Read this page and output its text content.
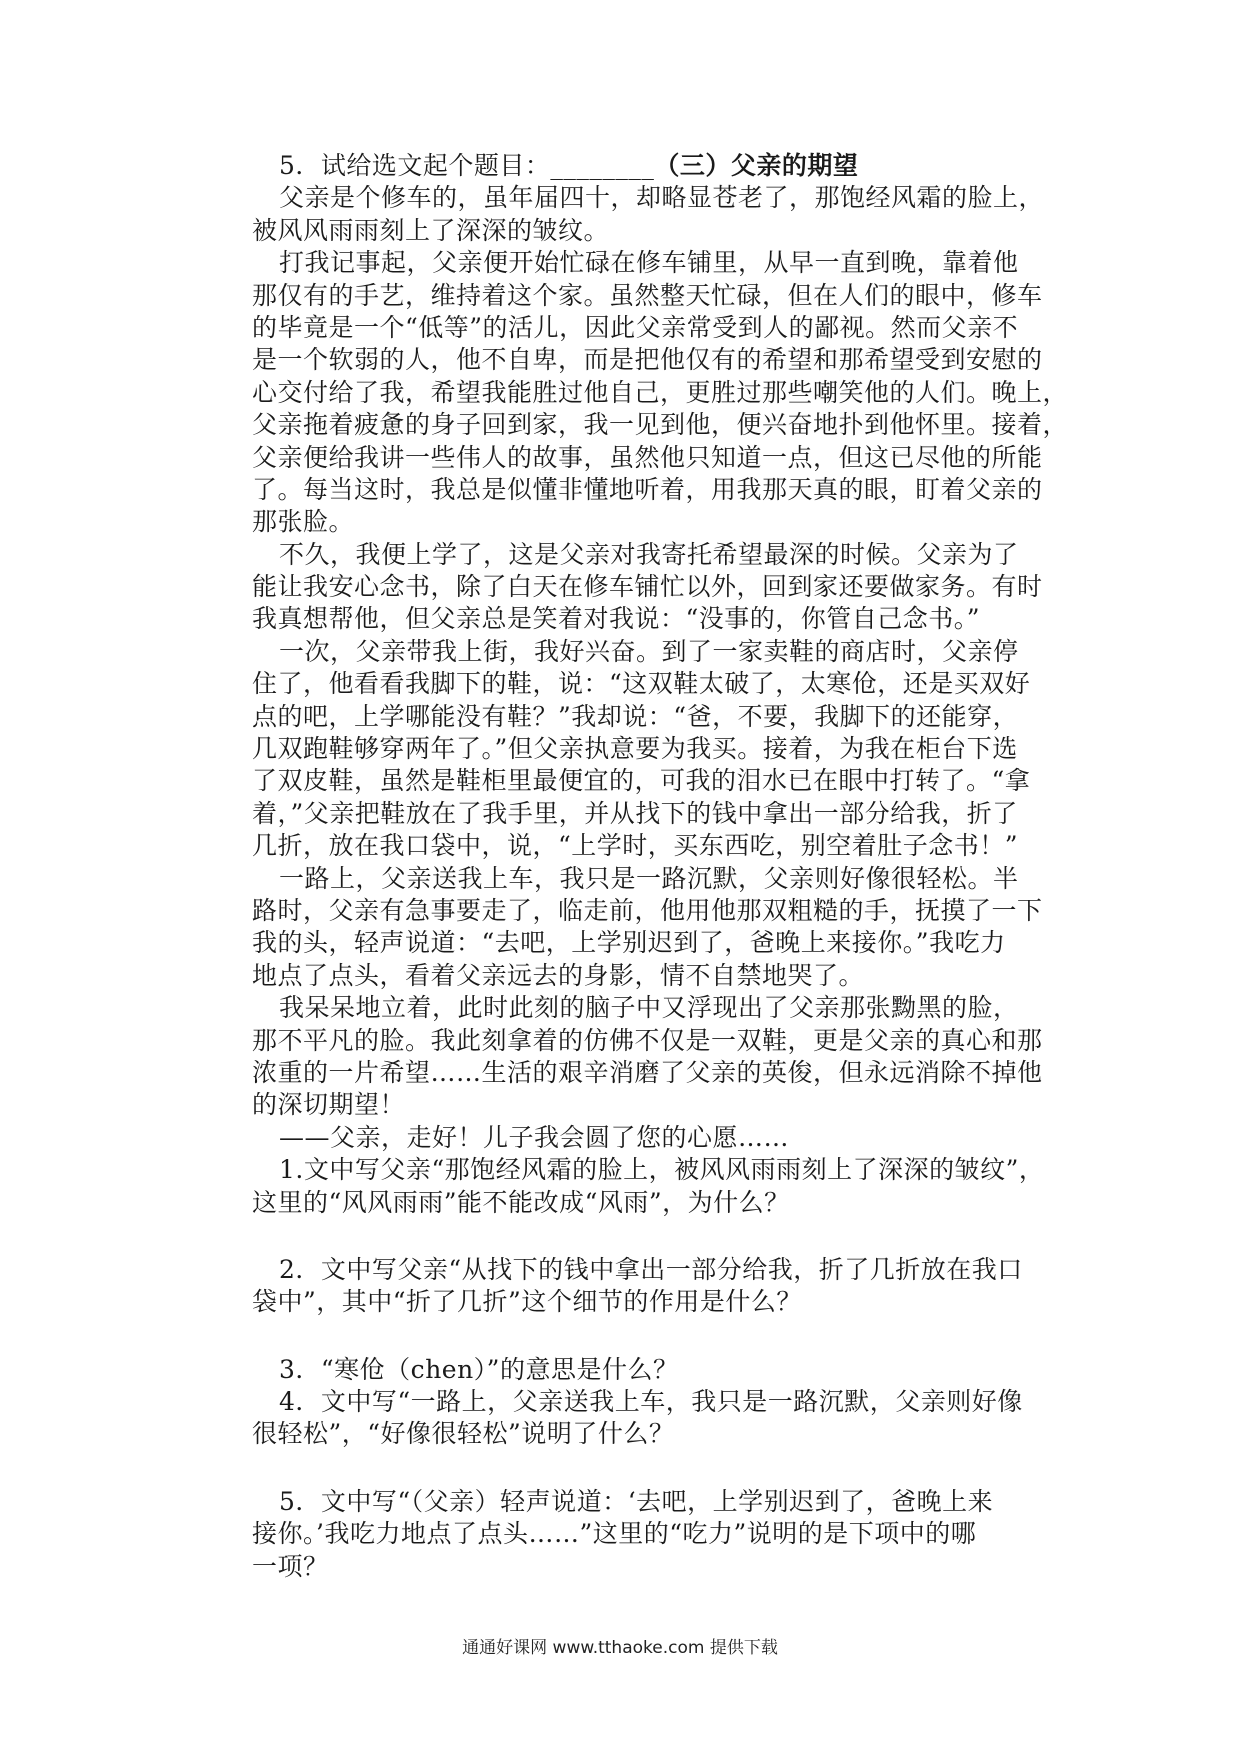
5．试给选文起个题目：________（三）父亲的期望
父亲是个修车的，虽年届四十，却略显苍老了，那饱经风霜的脸上，
被风风雨雨刻上了深深的皱纹。
打我记事起，父亲便开始忙碌在修车铺里，从早一直到晚，靠着他
那仅有的手艺，维持着这个家。虽然整天忙碌，但在人们的眼中，修车
的毕竟是一个“低等”的活儿，因此父亲常受到人的鄙视。然而父亲不
是一个软弱的人，他不自卑，而是把他仅有的希望和那希望受到安慰的
心交付给了我，希望我能胜过他自己，更胜过那些嘲笑他的人们。晚上，
父亲拖着疲惫的身子回到家，我一见到他，便兴奋地扑到他怀里。接着，
父亲便给我讲一些伟人的故事，虽然他只知道一点，但这已尽他的所能
了。每当这时，我总是似懂非懂地听着，用我那天真的眼，盯着父亲的
那张脸。
不久，我便上学了，这是父亲对我寄托希望最深的时候。父亲为了
能让我安心念书，除了白天在修车铺忙以外，回到家还要做家务。有时
我真想帮他，但父亲总是笑着对我说：“没事的，你管自己念书。”
一次，父亲带我上街，我好兴奋。到了一家卖鞋的商店时，父亲停
住了，他看看我脚下的鞋，说：“这双鞋太破了，太寒伧，还是买双好
点的吧，上学哪能没有鞋？”我却说：“爸，不要，我脚下的还能穿，
几双跑鞋够穿两年了。”但父亲执意要为我买。接着，为我在柜台下选
了双皮鞋，虽然是鞋柜里最便宜的，可我的泪水已在眼中打转了。“拿
着，”父亲把鞋放在了我手里，并从找下的钱中拿出一部分给我，折了
几折，放在我口袋中，说，“上学时，买东西吃，别空着肚子念书！”
一路上，父亲送我上车，我只是一路沉默，父亲则好像很轻松。半
路时，父亲有急事要走了，临走前，他用他那双粗糙的手，抚摸了一下
我的头，轻声说道：“去吧，上学别迟到了，爸晚上来接你。”我吃力
地点了点头，看着父亲远去的身影，情不自禁地哭了。
我呆呆地立着，此时此刻的脑子中又浮现出了父亲那张黝黑的脸，
那不平凡的脸。我此刻拿着的仿佛不仅是一双鞋，更是父亲的真心和那
浓重的一片希望……生活的艰辛消磨了父亲的英俊，但永远消除不掉他
的深切期望！
——父亲，走好！儿子我会圆了您的心愿……
1.文中写父亲“那饱经风霜的脸上，被风风雨雨刻上了深深的皱纹”，
这里的“风风雨雨”能不能改成“风雨”，为什么？
2．文中写父亲“从找下的钱中拿出一部分给我，折了几折放在我口
袋中”，其中“折了几折”这个细节的作用是什么？
3．“寒伧（chen）”的意思是什么？
4．文中写“一路上，父亲送我上车，我只是一路沉默，父亲则好像
很轻松”，“好像很轻松”说明了什么？
5．文中写“（父亲）轻声说道：‘去吧，上学别迟到了，爸晚上来
接你。’我吃力地点了点头……”这里的“吃力”说明的是下项中的哪
一项？
通通好课网 www.tthaoke.com 提供下载
